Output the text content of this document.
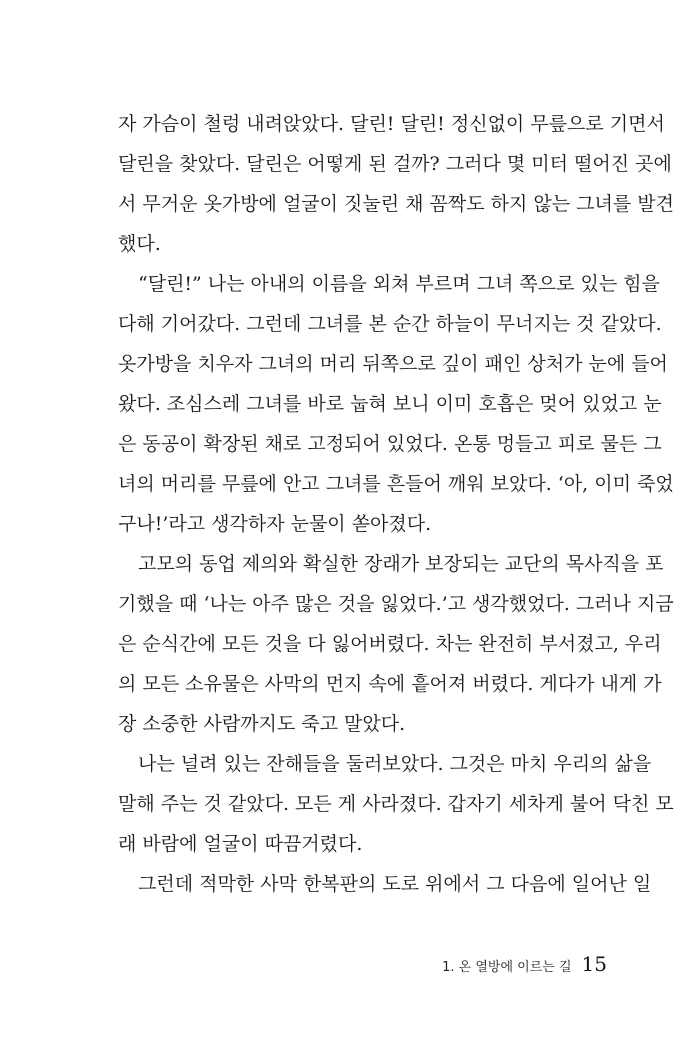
자 가슴이 철렁 내려앉았다. 달린! 달린! 정신없이 무릎으로 기면서
달린을 찾았다. 달린은 어떻게 된 걸까? 그러다 몇 미터 떨어진 곳에
서 무거운 옷가방에 얼굴이 짓눌린 채 꼼짝도 하지 않는 그녀를 발견
했다.
“달린!” 나는 아내의 이름을 외쳐 부르며 그녀 쪽으로 있는 힘을
다해 기어갔다. 그런데 그녀를 본 순간 하늘이 무너지는 것 같았다.
옷가방을 치우자 그녀의 머리 뒤쪽으로 깊이 패인 상처가 눈에 들어
왔다. 조심스레 그녀를 바로 눕혀 보니 이미 호흡은 멎어 있었고 눈
은 동공이 확장된 채로 고정되어 있었다. 온통 멍들고 피로 물든 그
녀의 머리를 무릎에 안고 그녀를 흔들어 깨워 보았다. ‘아, 이미 죽었
구나!’라고 생각하자 눈물이 쏟아졌다.
고모의 동업 제의와 확실한 장래가 보장되는 교단의 목사직을 포
기했을 때 ‘나는 아주 많은 것을 잃었다.’고 생각했었다. 그러나 지금
은 순식간에 모든 것을 다 잃어버렸다. 차는 완전히 부서졌고, 우리
의 모든 소유물은 사막의 먼지 속에 흩어져 버렸다. 게다가 내게 가
장 소중한 사람까지도 죽고 말았다.
나는 널려 있는 잔해들을 둘러보았다. 그것은 마치 우리의 삶을
말해 주는 것 같았다. 모든 게 사라졌다. 갑자기 세차게 불어 닥친 모
래 바람에 얼굴이 따끔거렸다.
그런데 적막한 사막 한복판의 도로 위에서 그 다음에 일어난 일
1. 온 열방에 이르는 길 15
